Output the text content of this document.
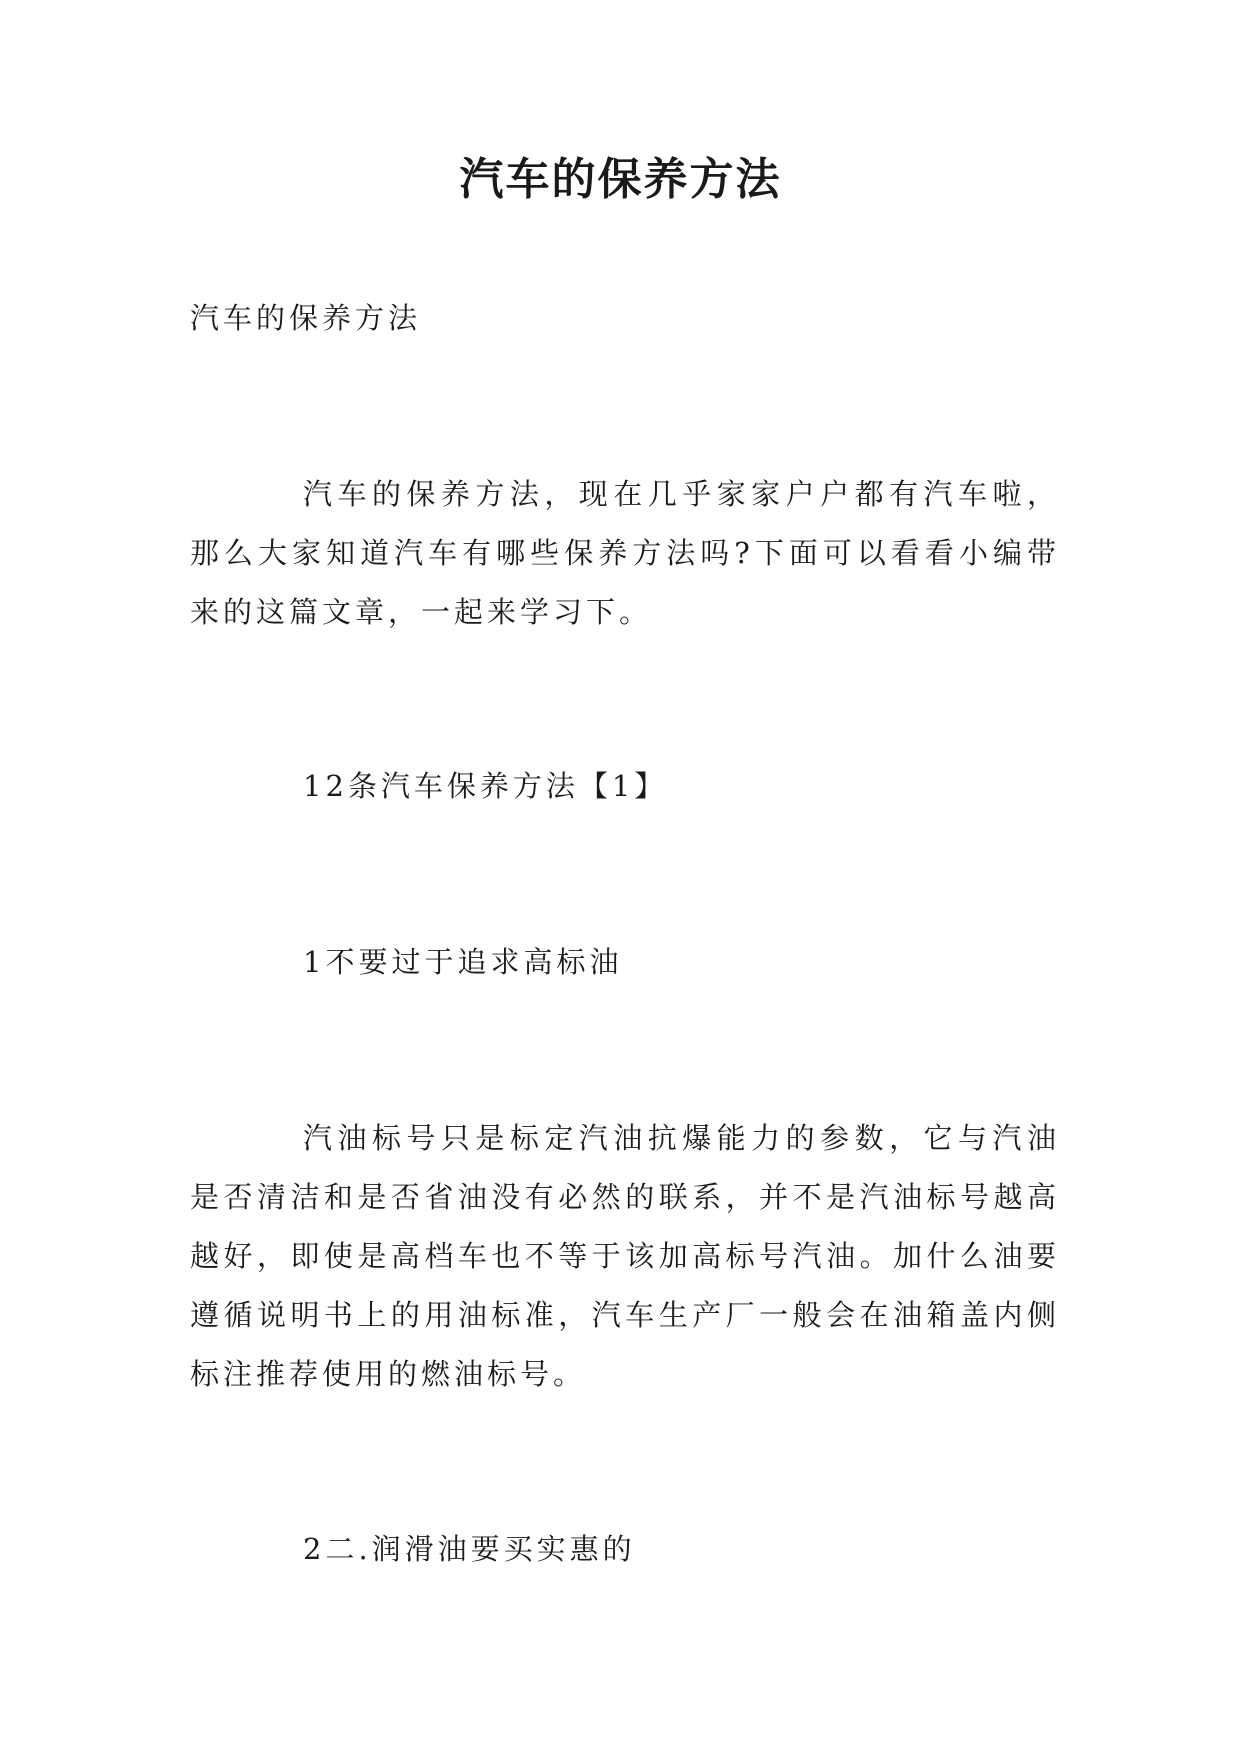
汽车的保养方法
汽车的保养方法
汽车的保养方法，现在几乎家家户户都有汽车啦，那么大家知道汽车有哪些保养方法吗?下面可以看看小编带来的这篇文章，一起来学习下。
12条汽车保养方法【1】
1不要过于追求高标油
汽油标号只是标定汽油抗爆能力的参数，它与汽油是否清洁和是否省油没有必然的联系，并不是汽油标号越高越好，即使是高档车也不等于该加高标号汽油。加什么油要遵循说明书上的用油标准，汽车生产厂一般会在油箱盖内侧标注推荐使用的燃油标号。
2二.润滑油要买实惠的
